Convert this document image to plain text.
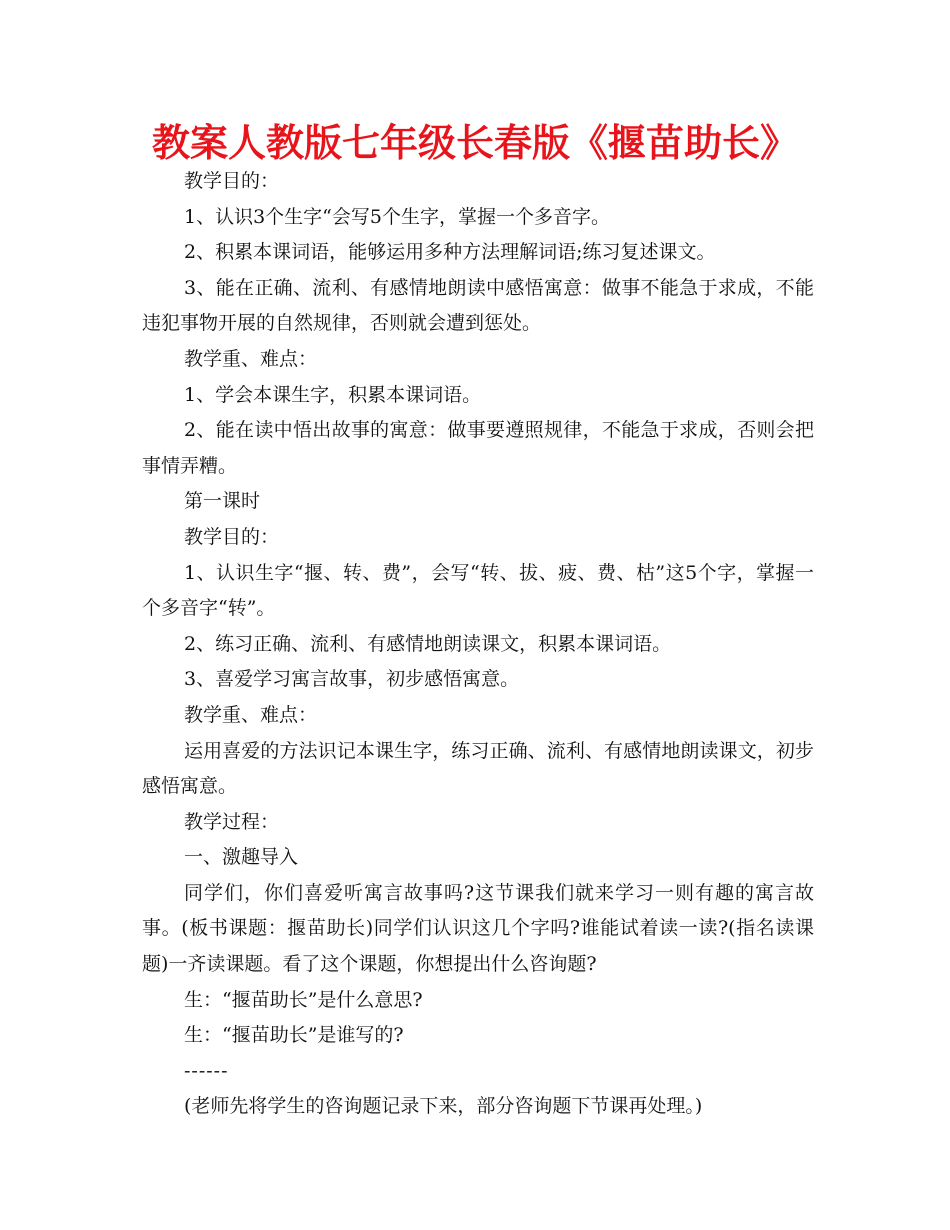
教案人教版七年级长春版《揠苗助长》

教学目的：

1、认识3个生字“会写5个生字，掌握一个多音字。

2、积累本课词语，能够运用多种方法理解词语;练习复述课文。

3、能在正确、流利、有感情地朗读中感悟寓意：做事不能急于求成，不能违犯事物开展的自然规律，否则就会遭到惩处。

教学重、难点：

1、学会本课生字，积累本课词语。

2、能在读中悟出故事的寓意：做事要遵照规律，不能急于求成，否则会把事情弄糟。

第一课时

教学目的：

1、认识生字“揠、转、费”，会写“转、拔、疲、费、枯”这5个字，掌握一个多音字“转”。

2、练习正确、流利、有感情地朗读课文，积累本课词语。

3、喜爱学习寓言故事，初步感悟寓意。

教学重、难点：

运用喜爱的方法识记本课生字，练习正确、流利、有感情地朗读课文，初步感悟寓意。

教学过程：

一、激趣导入

同学们，你们喜爱听寓言故事吗?这节课我们就来学习一则有趣的寓言故事。(板书课题：揠苗助长)同学们认识这几个字吗?谁能试着读一读?(指名读课题)一齐读课题。看了这个课题，你想提出什么咨询题?

生：“揠苗助长”是什么意思?

生：“揠苗助长”是谁写的?

------

(老师先将学生的咨询题记录下来，部分咨询题下节课再处理。)
